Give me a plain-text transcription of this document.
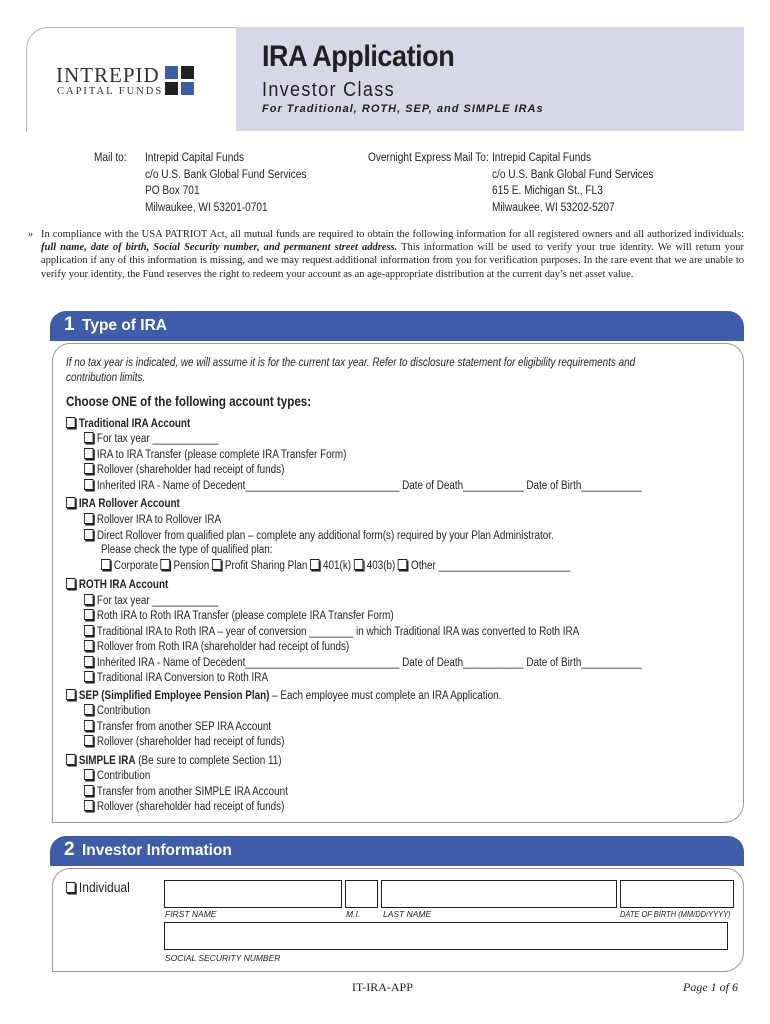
INTREPID
CAPITAL FUNDS
IRA Application
Investor Class
For Traditional, ROTH, SEP, and SIMPLE IRAs
Mail to: Intrepid Capital Funds
c/o U.S. Bank Global Fund Services
PO Box 701
Milwaukee, WI 53201-0701
Overnight Express Mail To: Intrepid Capital Funds
c/o U.S. Bank Global Fund Services
615 E. Michigan St., FL3
Milwaukee, WI 53202-5207
» In compliance with the USA PATRIOT Act, all mutual funds are required to obtain the following information for all registered owners and all authorized individuals: full name, date of birth, Social Security number, and permanent street address. This information will be used to verify your true identity. We will return your application if any of this information is missing, and we may request additional information from you for verification purposes. In the rare event that we are unable to verify your identity, the Fund reserves the right to redeem your account as an age-appropriate distribution at the current day’s net asset value.
1 Type of IRA
If no tax year is indicated, we will assume it is for the current tax year. Refer to disclosure statement for eligibility requirements and
contribution limits.
Choose ONE of the following account types:
Traditional IRA Account
For tax year ____________
IRA to IRA Transfer (please complete IRA Transfer Form)
Rollover (shareholder had receipt of funds)
Inherited IRA - Name of Decedent____________________________ Date of Death___________ Date of Birth___________
IRA Rollover Account
Rollover IRA to Rollover IRA
Direct Rollover from qualified plan – complete any additional form(s) required by your Plan Administrator.
Please check the type of qualified plan:
Corporate Pension Profit Sharing Plan 401(k) 403(b) Other ________________________
ROTH IRA Account
For tax year ____________
Roth IRA to Roth IRA Transfer (please complete IRA Transfer Form)
Traditional IRA to Roth IRA – year of conversion ________ in which Traditional IRA was converted to Roth IRA
Rollover from Roth IRA (shareholder had receipt of funds)
Inherited IRA - Name of Decedent____________________________ Date of Death___________ Date of Birth___________
Traditional IRA Conversion to Roth IRA
SEP (Simplified Employee Pension Plan) – Each employee must complete an IRA Application.
Contribution
Transfer from another SEP IRA Account
Rollover (shareholder had receipt of funds)
SIMPLE IRA (Be sure to complete Section 11)
Contribution
Transfer from another SIMPLE IRA Account
Rollover (shareholder had receipt of funds)
2 Investor Information
Individual
FIRST NAME	M.I.	LAST NAME	DATE OF BIRTH (MM/DD/YYYY)
SOCIAL SECURITY NUMBER
IT-IRA-APP	Page 1 of 6
